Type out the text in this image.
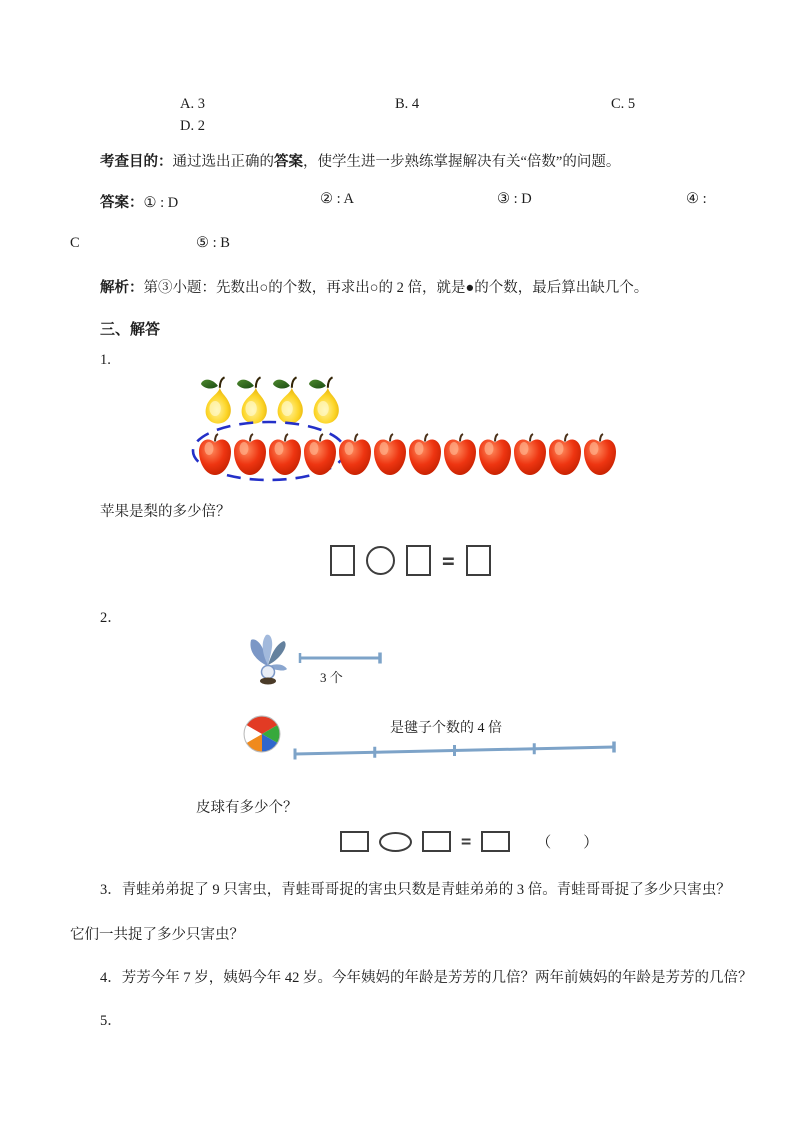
A. 3	B. 4	C. 5
D. 2
考查目的：通过选出正确的答案，使学生进一步熟练掌握解决有关“倍数”的问题。
答案：① : D	② : A	③ : D	④ :
C	⑤ : B
解析：第③小题：先数出○的个数，再求出○的 2 倍，就是●的个数，最后算出缺几个。
三、解答
1.
苹果是梨的多少倍？
=
2．
3 个
是毽子个数的 4 倍
皮球有多少个？
=	（ ）
3．青蛙弟弟捉了 9 只害虫，青蛙哥哥捉的害虫只数是青蛙弟弟的 3 倍。青蛙哥哥捉了多少只害虫？
它们一共捉了多少只害虫？
4．芳芳今年 7 岁，姨妈今年 42 岁。今年姨妈的年龄是芳芳的几倍？两年前姨妈的年龄是芳芳的几倍？
5．
